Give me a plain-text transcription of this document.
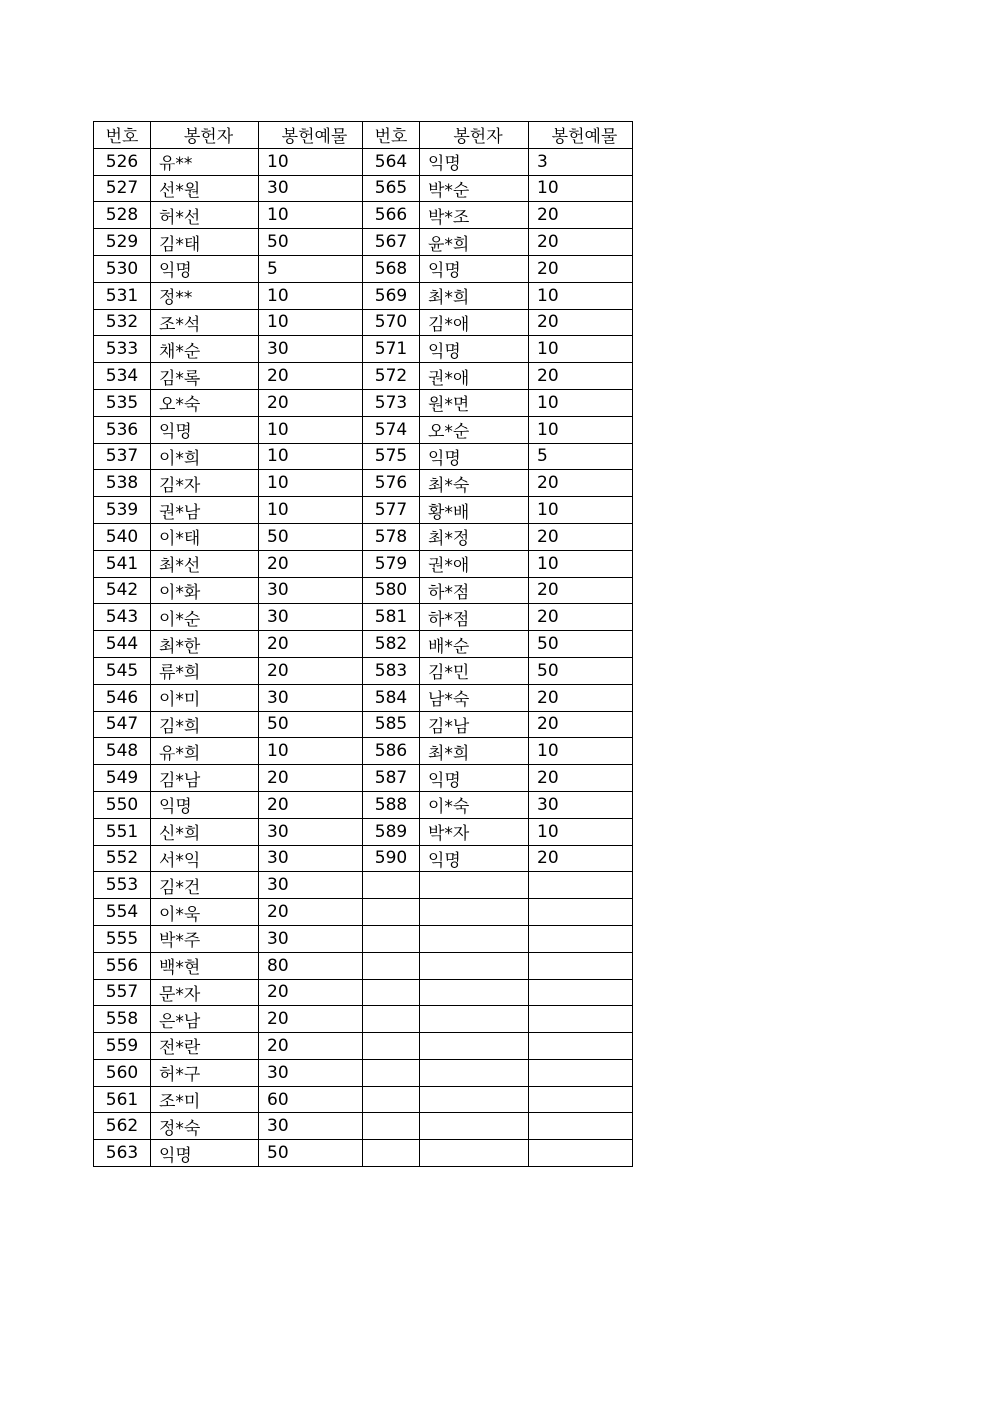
번호	봉헌자	봉헌예물	번호	봉헌자	봉헌예물
526	유**	10	564	익명	3
527	선*원	30	565	박*순	10
528	허*선	10	566	박*조	20
529	김*태	50	567	윤*희	20
530	익명	5	568	익명	20
531	정**	10	569	최*희	10
532	조*석	10	570	김*애	20
533	채*순	30	571	익명	10
534	김*록	20	572	권*애	20
535	오*숙	20	573	원*면	10
536	익명	10	574	오*순	10
537	이*희	10	575	익명	5
538	김*자	10	576	최*숙	20
539	권*남	10	577	황*배	10
540	이*태	50	578	최*정	20
541	최*선	20	579	권*애	10
542	이*화	30	580	하*점	20
543	이*순	30	581	하*점	20
544	최*한	20	582	배*순	50
545	류*희	20	583	김*민	50
546	이*미	30	584	남*숙	20
547	김*희	50	585	김*남	20
548	유*희	10	586	최*희	10
549	김*남	20	587	익명	20
550	익명	20	588	이*숙	30
551	신*희	30	589	박*자	10
552	서*익	30	590	익명	20
553	김*건	30			
554	이*욱	20			
555	박*주	30			
556	백*현	80			
557	문*자	20			
558	은*남	20			
559	전*란	20			
560	허*구	30			
561	조*미	60			
562	정*숙	30			
563	익명	50			
